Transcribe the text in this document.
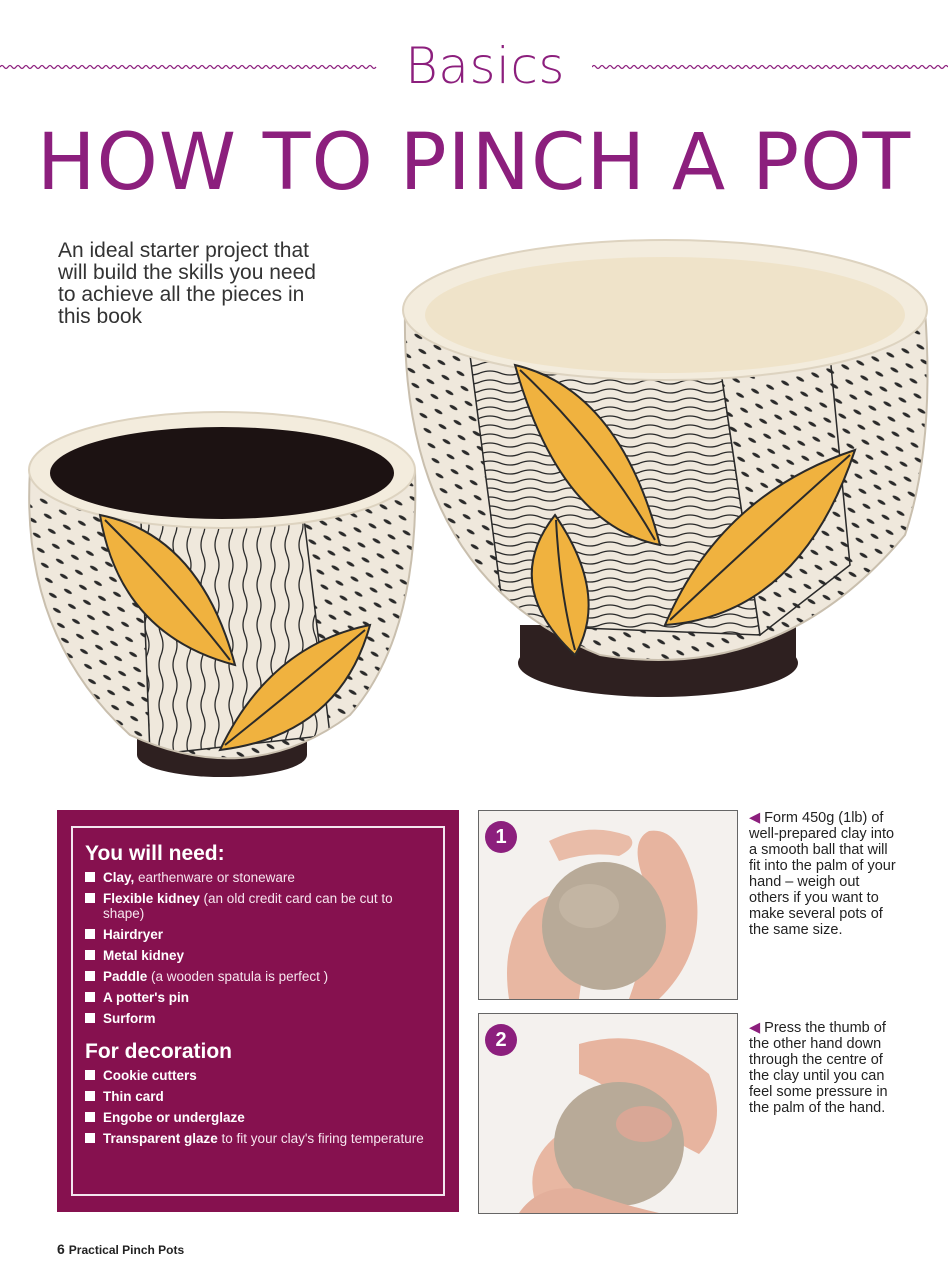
Basics
HOW TO PINCH A POT

An ideal starter project that will build the skills you need to achieve all the pieces in this book

You will need:
Clay, earthenware or stoneware
Flexible kidney (an old credit card can be cut to shape)
Hairdryer
Metal kidney
Paddle (a wooden spatula is perfect )
A potter's pin
Surform
For decoration
Cookie cutters
Thin card
Engobe or underglaze
Transparent glaze to fit your clay's firing temperature
1

◀ Form 450g (1lb) of well-prepared clay into a smooth ball that will fit into the palm of your hand – weigh out others if you want to make several pots of the same size.

2

◀ Press the thumb of the other hand down through the centre of the clay until you can feel some pressure in the palm of the hand.

6 Practical Pinch Pots
